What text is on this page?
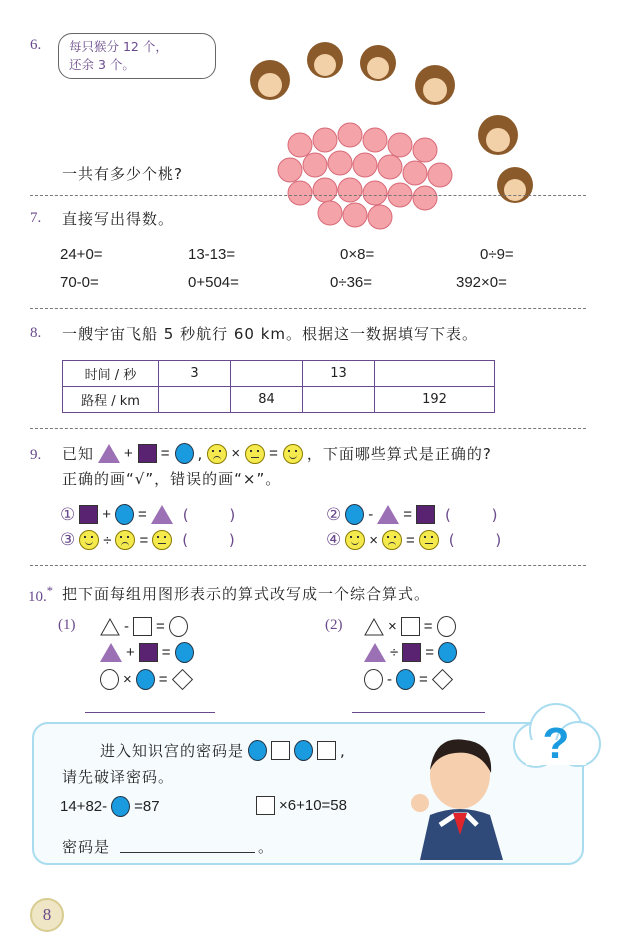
6. 每只猴分 12 个，
还余 3 个。
一共有多少个桃?
7. 直接写出得数。
24+0=	13-13=	0×8=	0÷9=
70-0=	0+504=	0÷36=	392×0=
8. 一艘宇宙飞船 5 秒航行 60 km。根据这一数据填写下表。
时间 / 秒	3		13	
路程 / km		84		192
9. 已知 + = , × = ，下面哪些算式是正确的?
正确的画“√”，错误的画“×”。
① + = ( )	② - = ( )
③ ÷ = ( )	④ × = ( )
10.* 把下面每组用图形表示的算式改写成一个综合算式。
(1)	- =
+ =
× =
(2)	× =
÷ =
- =
?
进入知识宫的密码是	,
请先破译密码。
14+82- =87	×6+10=58
密码是	。
8
